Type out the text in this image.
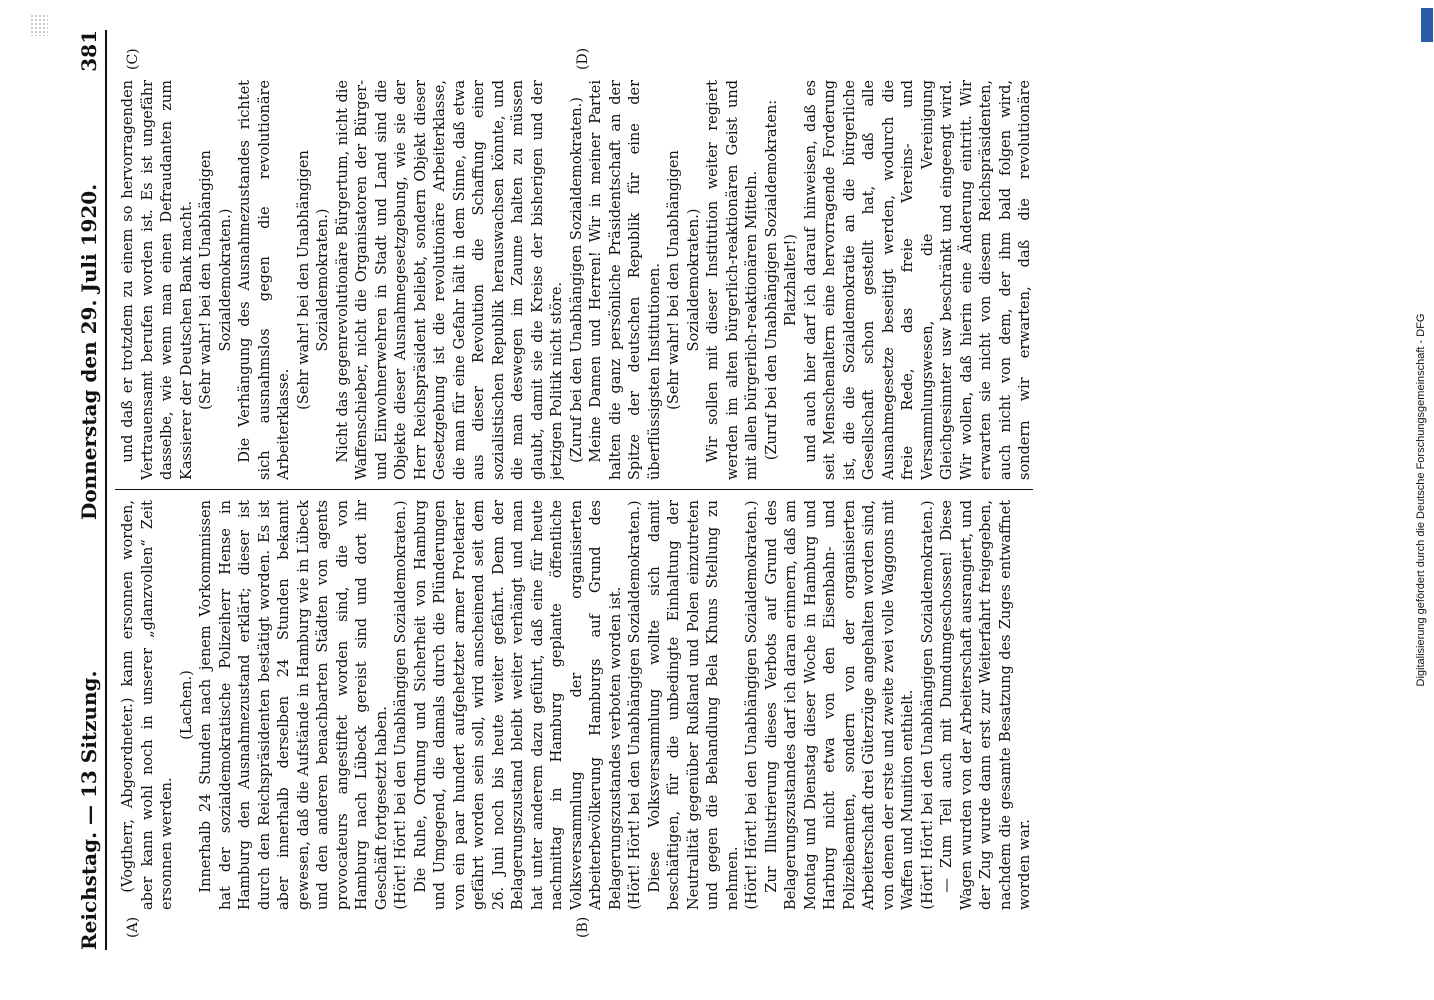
Reichstag. — 13 Sitzung.
Donnerstag den 29. Juli 1920.
381
(A)	(B)
(C)	(D)

(Vogtherr, Abgeordneter.) kann ersonnen worden, aber kann wohl noch in unserer „glanzvollen“ Zeit ersonnen werden.

(Lachen.) Innerhalb 24 Stunden nach jenem Vorkommnissen hat der sozialdemokratische Polizeiherr Hense in Hamburg den Ausnahmezustand erklärt; dieser ist durch den Reichspräsidenten bestätigt worden. Es ist aber innerhalb derselben 24 Stunden bekannt gewesen, daß die Aufstände in Hamburg wie in Lübeck und den anderen benachbarten Städten von agents provocateurs angestiftet worden sind, die von Hamburg nach Lübeck gereist sind und dort ihr Geschäft fortgesetzt haben. (Hört! Hört! bei den Unabhängigen Sozialdemokraten.) Die Ruhe, Ordnung und Sicherheit von Hamburg und Umgegend, die damals durch die Plünderungen von ein paar hundert aufgehetzter armer Proletarier gefährt worden sein soll, wird anscheinend seit dem 26. Juni noch bis heute weiter gefährt. Denn der Belagerungszustand bleibt weiter verhängt und man hat unter anderem dazu geführt, daß eine für heute nachmittag in Hamburg geplante öffentliche Volksversammlung der organisierten Arbeiterbevölkerung Hamburgs auf Grund des Belagerungszustandes verboten worden ist. (Hört! Hört! bei den Unabhängigen Sozialdemokraten.) Diese Volksversammlung wollte sich damit beschäftigen, für die unbedingte Einhaltung der Neutralität gegenüber Rußland und Polen einzutreten und gegen die Behandlung Bela Khuns Stellung zu nehmen. (Hört! Hört! bei den Unabhängigen Sozialdemokraten.) Zur Illustrierung dieses Verbots auf Grund des Belagerungszustandes darf ich daran erinnern, daß am Montag und Dienstag dieser Woche in Hamburg und Harburg nicht etwa von den Eisenbahn- und Polizeibeamten, sondern von der organisierten Arbeiterschaft drei Güterzüge angehalten worden sind, von denen der erste und zweite zwei volle Waggons mit Waffen und Munition enthielt. (Hört! Hört! bei den Unabhängigen Sozialdemokraten.) — Zum Teil auch mit Dumdumgeschossen! Diese Wagen wurden von der Arbeiterschaft ausrangiert, und der Zug wurde dann erst zur Weiterfahrt freigegeben, nachdem die gesamte Besatzung des Zuges entwaffnet worden war.

und daß er trotzdem zu einem so hervorragenden Vertrauensamt berufen worden ist. Es ist ungefähr dasselbe, wie wenn man einen Defraudanten zum Kassierer der Deutschen Bank macht. (Sehr wahr! bei den Unabhängigen Sozialdemokraten.) Die Verhängung des Ausnahmezustandes richtet sich ausnahmslos gegen die revolutionäre Arbeiterklasse.

(Sehr wahr! bei den Unabhängigen Sozialdemokraten.) Nicht das gegenrevolutionäre Bürgertum, nicht die Waffenschieber, nicht die Organisatoren der Bürger- und Einwohnerwehren in Stadt und Land sind die Objekte dieser Ausnahmegesetzgebung, wie sie der Herr Reichspräsident beliebt, sondern Objekt dieser Gesetzgebung ist die revolutionäre Arbeiterklasse, die man für eine Gefahr hält in dem Sinne, daß etwa aus dieser Revolution die Schaffung einer sozialistischen Republik herauswachsen könnte, und die man deswegen im Zaume halten zu müssen glaubt, damit sie die Kreise der bisherigen und der jetzigen Politik nicht störe. (Zuruf bei den Unabhängigen Sozialdemokraten.) Meine Damen und Herren! Wir in meiner Partei halten die ganz persönliche Präsidentschaft an der Spitze der deutschen Republik für eine der überflüssigsten Institutionen. (Sehr wahr! bei den Unabhängigen Sozialdemokraten.) Wir sollen mit dieser Institution weiter regiert werden im alten bürgerlich-reaktionären Geist und mit allen bürgerlich-reaktionären Mitteln. (Zuruf bei den Unabhängigen Sozialdemokraten: Platzhalter!)

und auch hier darf ich darauf hinweisen, daß es seit Menschenaltern eine hervorragende Forderung ist, die die Sozialdemokratie an die bürgerliche Gesellschaft schon gestellt hat, daß alle Ausnahmegesetze beseitigt werden, wodurch die freie Rede, das freie Vereins- und Versammlungswesen, die Vereinigung Gleichgesinnter usw beschränkt und eingeengt wird. Wir wollen, daß hierin eine Änderung eintritt. Wir erwarten sie nicht von diesem Reichspräsidenten, auch nicht von dem, der ihm bald folgen wird, sondern wir erwarten, daß die revolutionäre

Digitalisierung gefördert durch die Deutsche Forschungsgemeinschaft - DFG
